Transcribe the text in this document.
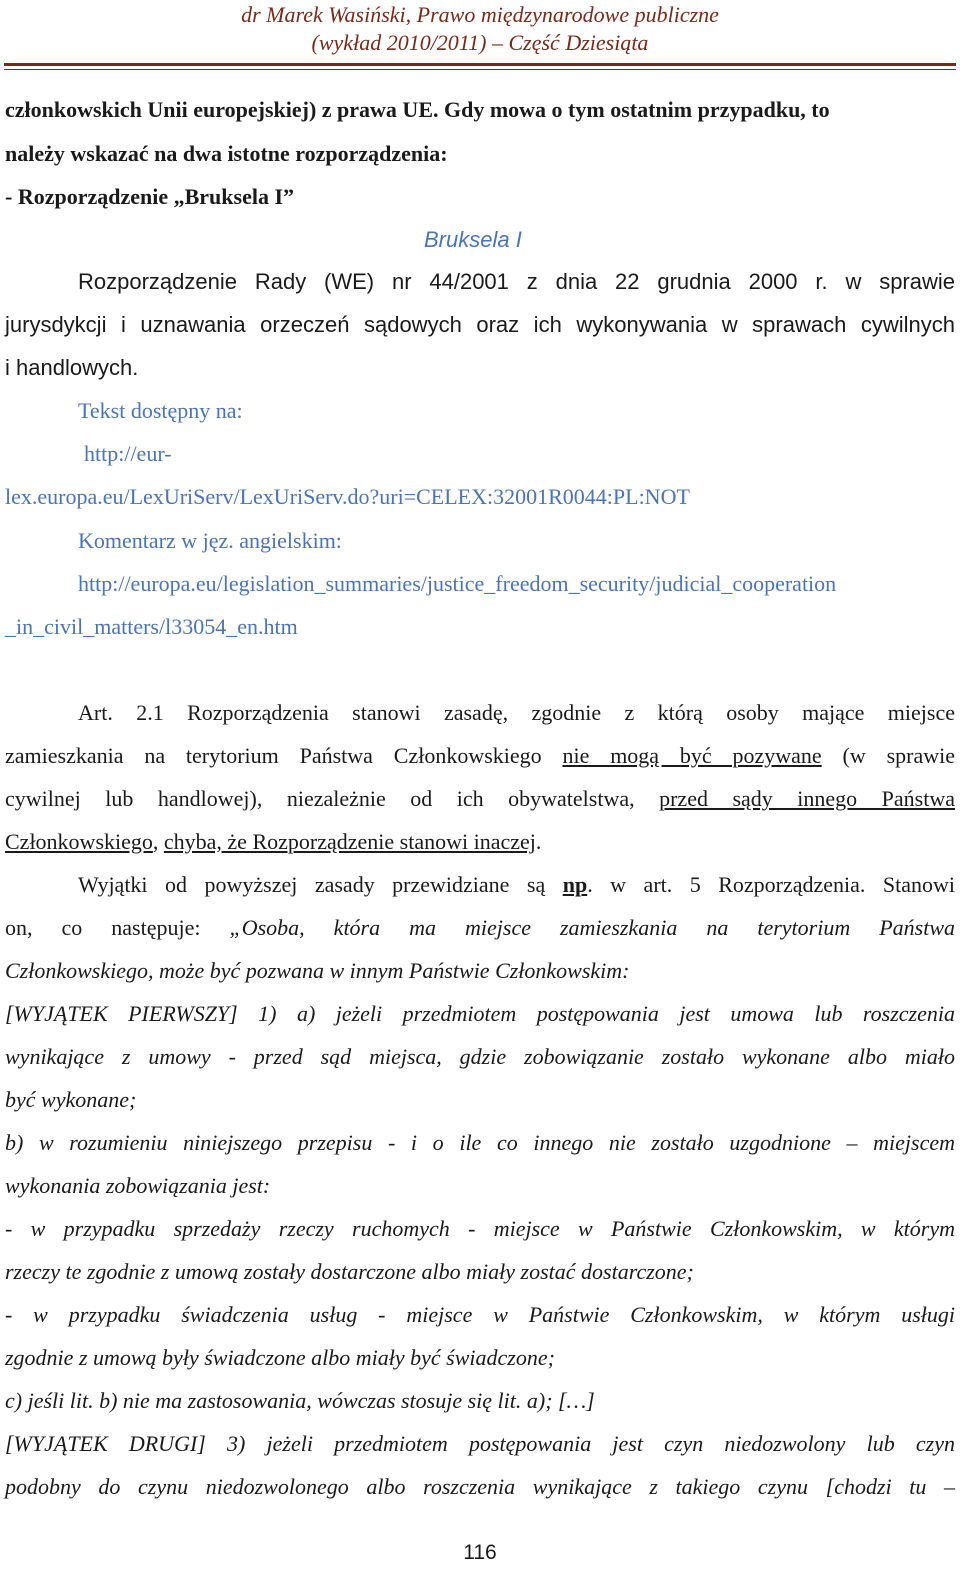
dr Marek Wasiński, Prawo międzynarodowe publiczne
(wykład 2010/2011) – Część Dziesiąta
członkowskich Unii europejskiej) z prawa UE. Gdy mowa o tym ostatnim przypadku, to
należy wskazać na dwa istotne rozporządzenia:
- Rozporządzenie „Bruksela I”
Bruksela I
Rozporządzenie Rady (WE) nr 44/2001 z dnia 22 grudnia 2000 r. w sprawie
jurysdykcji i uznawania orzeczeń sądowych oraz ich wykonywania w sprawach cywilnych
i handlowych.
Tekst dostępny na:
http://eur-
lex.europa.eu/LexUriServ/LexUriServ.do?uri=CELEX:32001R0044:PL:NOT
Komentarz w jęz. angielskim:
http://europa.eu/legislation_summaries/justice_freedom_security/judicial_cooperation
_in_civil_matters/l33054_en.htm
Art. 2.1 Rozporządzenia stanowi zasadę, zgodnie z którą osoby mające miejsce
zamieszkania na terytorium Państwa Członkowskiego nie mogą być pozywane (w sprawie
cywilnej lub handlowej), niezależnie od ich obywatelstwa, przed sądy innego Państwa
Członkowskiego, chyba, że Rozporządzenie stanowi inaczej.
Wyjątki od powyższej zasady przewidziane są np. w art. 5 Rozporządzenia. Stanowi
on, co następuje: „Osoba, która ma miejsce zamieszkania na terytorium Państwa
Członkowskiego, może być pozwana w innym Państwie Członkowskim:
[WYJĄTEK PIERWSZY] 1) a) jeżeli przedmiotem postępowania jest umowa lub roszczenia
wynikające z umowy - przed sąd miejsca, gdzie zobowiązanie zostało wykonane albo miało
być wykonane;
b) w rozumieniu niniejszego przepisu - i o ile co innego nie zostało uzgodnione – miejscem
wykonania zobowiązania jest:
- w przypadku sprzedaży rzeczy ruchomych - miejsce w Państwie Członkowskim, w którym
rzeczy te zgodnie z umową zostały dostarczone albo miały zostać dostarczone;
- w przypadku świadczenia usług - miejsce w Państwie Członkowskim, w którym usługi
zgodnie z umową były świadczone albo miały być świadczone;
c) jeśli lit. b) nie ma zastosowania, wówczas stosuje się lit. a); […]
[WYJĄTEK DRUGI] 3) jeżeli przedmiotem postępowania jest czyn niedozwolony lub czyn
podobny do czynu niedozwolonego albo roszczenia wynikające z takiego czynu [chodzi tu –
116
